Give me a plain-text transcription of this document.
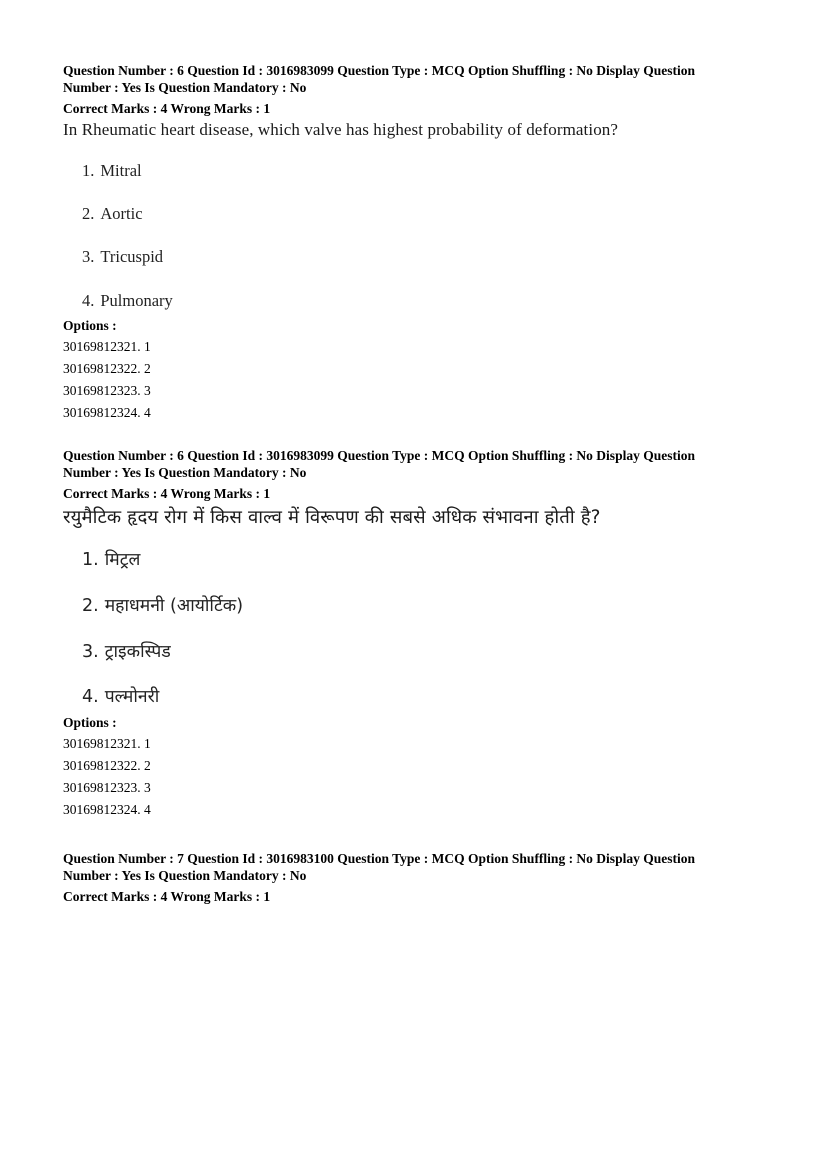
Question Number : 6 Question Id : 3016983099 Question Type : MCQ Option Shuffling : No Display Question
Number : Yes Is Question Mandatory : No
Correct Marks : 4 Wrong Marks : 1
In Rheumatic heart disease, which valve has highest probability of deformation?
1. Mitral
2. Aortic
3. Tricuspid
4. Pulmonary
Options :
30169812321. 1
30169812322. 2
30169812323. 3
30169812324. 4
Question Number : 6 Question Id : 3016983099 Question Type : MCQ Option Shuffling : No Display Question
Number : Yes Is Question Mandatory : No
Correct Marks : 4 Wrong Marks : 1
रयुमैटिक हृदय रोग में किस वाल्व में विरूपण की सबसे अधिक संभावना होती है?
1. मिट्रल
2. महाधमनी (आयोर्टिक)
3. ट्राइकस्पिड
4. पल्मोनरी
Options :
30169812321. 1
30169812322. 2
30169812323. 3
30169812324. 4
Question Number : 7 Question Id : 3016983100 Question Type : MCQ Option Shuffling : No Display Question
Number : Yes Is Question Mandatory : No
Correct Marks : 4 Wrong Marks : 1
